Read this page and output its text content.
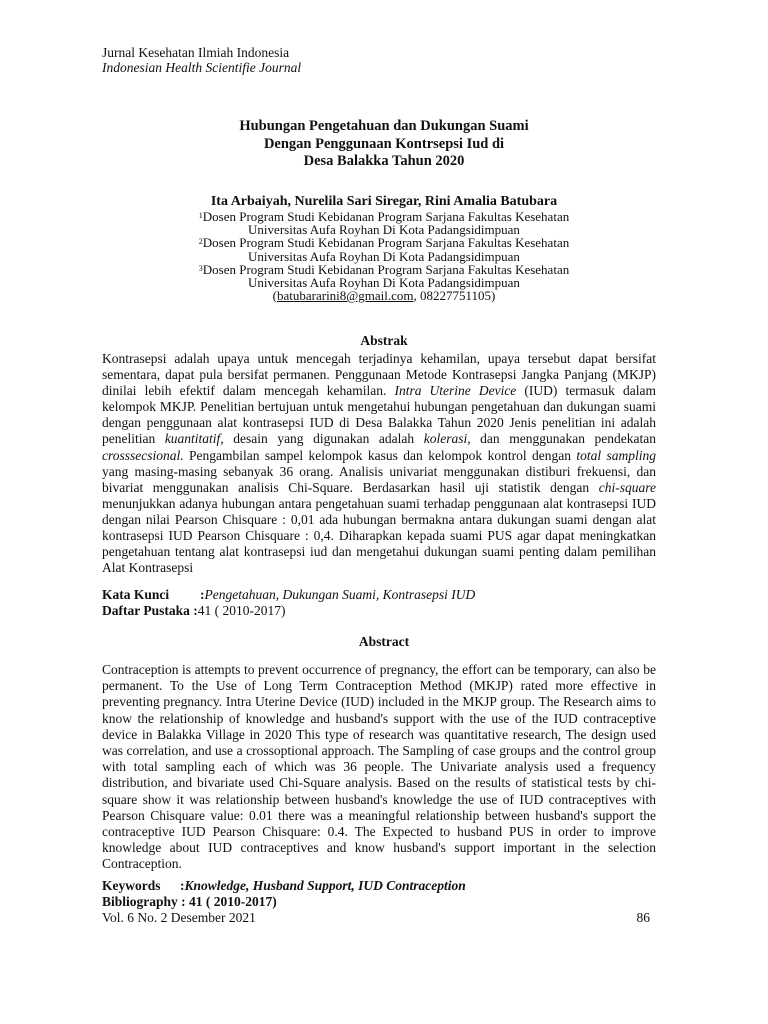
Jurnal Kesehatan Ilmiah Indonesia
Indonesian Health Scientifie Journal
Hubungan Pengetahuan dan Dukungan Suami
Dengan Penggunaan Kontrsepsi Iud di
Desa Balakka Tahun 2020
Ita Arbaiyah, Nurelila Sari Siregar, Rini Amalia Batubara
$^1$Dosen Program Studi Kebidanan Program Sarjana Fakultas Kesehatan
Universitas Aufa Royhan Di Kota Padangsidimpuan
$^2$Dosen Program Studi Kebidanan Program Sarjana Fakultas Kesehatan
Universitas Aufa Royhan Di Kota Padangsidimpuan
$^3$Dosen Program Studi Kebidanan Program Sarjana Fakultas Kesehatan
Universitas Aufa Royhan Di Kota Padangsidimpuan
(batubararini8@gmail.com, 08227751105)
Abstrak
Kontrasepsi adalah upaya untuk mencegah terjadinya kehamilan, upaya tersebut dapat bersifat sementara, dapat pula bersifat permanen. Penggunaan Metode Kontrasepsi Jangka Panjang (MKJP) dinilai lebih efektif dalam mencegah kehamilan. Intra Uterine Device (IUD) termasuk dalam kelompok MKJP. Penelitian bertujuan untuk mengetahui hubungan pengetahuan dan dukungan suami dengan penggunaan alat kontrasepsi IUD di Desa Balakka Tahun 2020 Jenis penelitian ini adalah penelitian kuantitatif, desain yang digunakan adalah kolerasi, dan menggunakan pendekatan crosssecsional. Pengambilan sampel kelompok kasus dan kelompok kontrol dengan total sampling yang masing-masing sebanyak 36 orang. Analisis univariat menggunakan distiburi frekuensi, dan bivariat menggunakan analisis Chi-Square. Berdasarkan hasil uji statistik dengan chi-square menunjukkan adanya hubungan antara pengetahuan suami terhadap penggunaan alat kontrasepsi IUD dengan nilai Pearson Chisquare : 0,01 ada hubungan bermakna antara dukungan suami dengan alat kontrasepsi IUD Pearson Chisquare : 0,4. Diharapkan kepada suami PUS agar dapat meningkatkan pengetahuan tentang alat kontrasepsi iud dan mengetahui dukungan suami penting dalam pemilihan Alat Kontrasepsi
Kata Kunci :Pengetahuan, Dukungan Suami, Kontrasepsi IUD
Daftar Pustaka :41 ( 2010-2017)
Abstract
Contraception is attempts to prevent occurrence of pregnancy, the effort can be temporary, can also be permanent. To the Use of Long Term Contraception Method (MKJP) rated more effective in preventing pregnancy. Intra Uterine Device (IUD) included in the MKJP group. The Research aims to know the relationship of knowledge and husband's support with the use of the IUD contraceptive device in Balakka Village in 2020 This type of research was quantitative research, The design used was correlation, and use a crossoptional approach. The Sampling of case groups and the control group with total sampling each of which was 36 people. The Univariate analysis used a frequency distribution, and bivariate used Chi-Square analysis. Based on the results of statistical tests by chi-square show it was relationship between husband's knowledge the use of IUD contraceptives with Pearson Chisquare value: 0.01 there was a meaningful relationship between husband's support the contraceptive IUD Pearson Chisquare: 0.4. The Expected to husband PUS in order to improve knowledge about IUD contraceptives and know husband's support important in the selection Contraception.
Keywords :Knowledge, Husband Support, IUD Contraception
Bibliography : 41 ( 2010-2017)
Vol. 6 No. 2 Desember 2021	86
